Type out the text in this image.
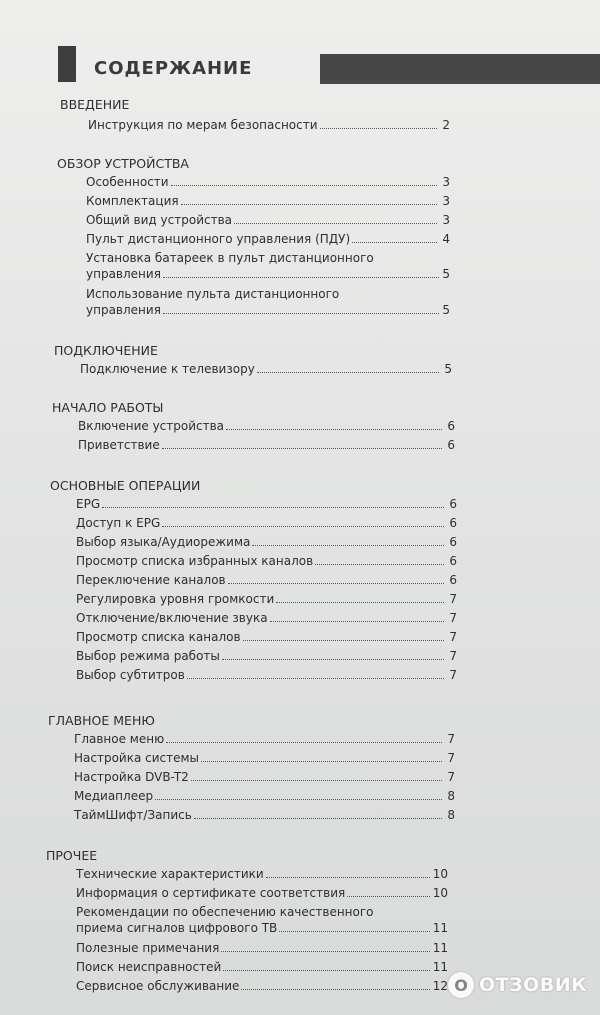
СОДЕРЖАНИЕ
ВВЕДЕНИЕ
Инструкция по мерам безопасности	2
ОБЗОР УСТРОЙСТВА
Особенности	3
Комплектация	3
Общий вид устройства	3
Пульт дистанционного управления (ПДУ)	4
Установка батареек в пульт дистанционного
управления	5
Использование пульта дистанционного
управления	5
ПОДКЛЮЧЕНИЕ
Подключение к телевизору	5
НАЧАЛО РАБОТЫ
Включение устройства	6
Приветствие	6
ОСНОВНЫЕ ОПЕРАЦИИ
EPG	6
Доступ к EPG	6
Выбор языка/Аудиорежима	6
Просмотр списка избранных каналов	6
Переключение каналов	6
Регулировка уровня громкости	7
Отключение/включение звука	7
Просмотр списка каналов	7
Выбор режима работы	7
Выбор субтитров	7
ГЛАВНОЕ МЕНЮ
Главное меню	7
Настройка системы	7
Настройка DVB-T2	7
Медиаплеер	8
ТаймШифт/Запись	8
ПРОЧЕЕ
Технические характеристики	10
Информация о сертификате соответствия	10
Рекомендации по обеспечению качественного
приема сигналов цифрового ТВ	11
Полезные примечания	11
Поиск неисправностей	11
Сервисное обслуживание	12 О ОТЗОВИК
